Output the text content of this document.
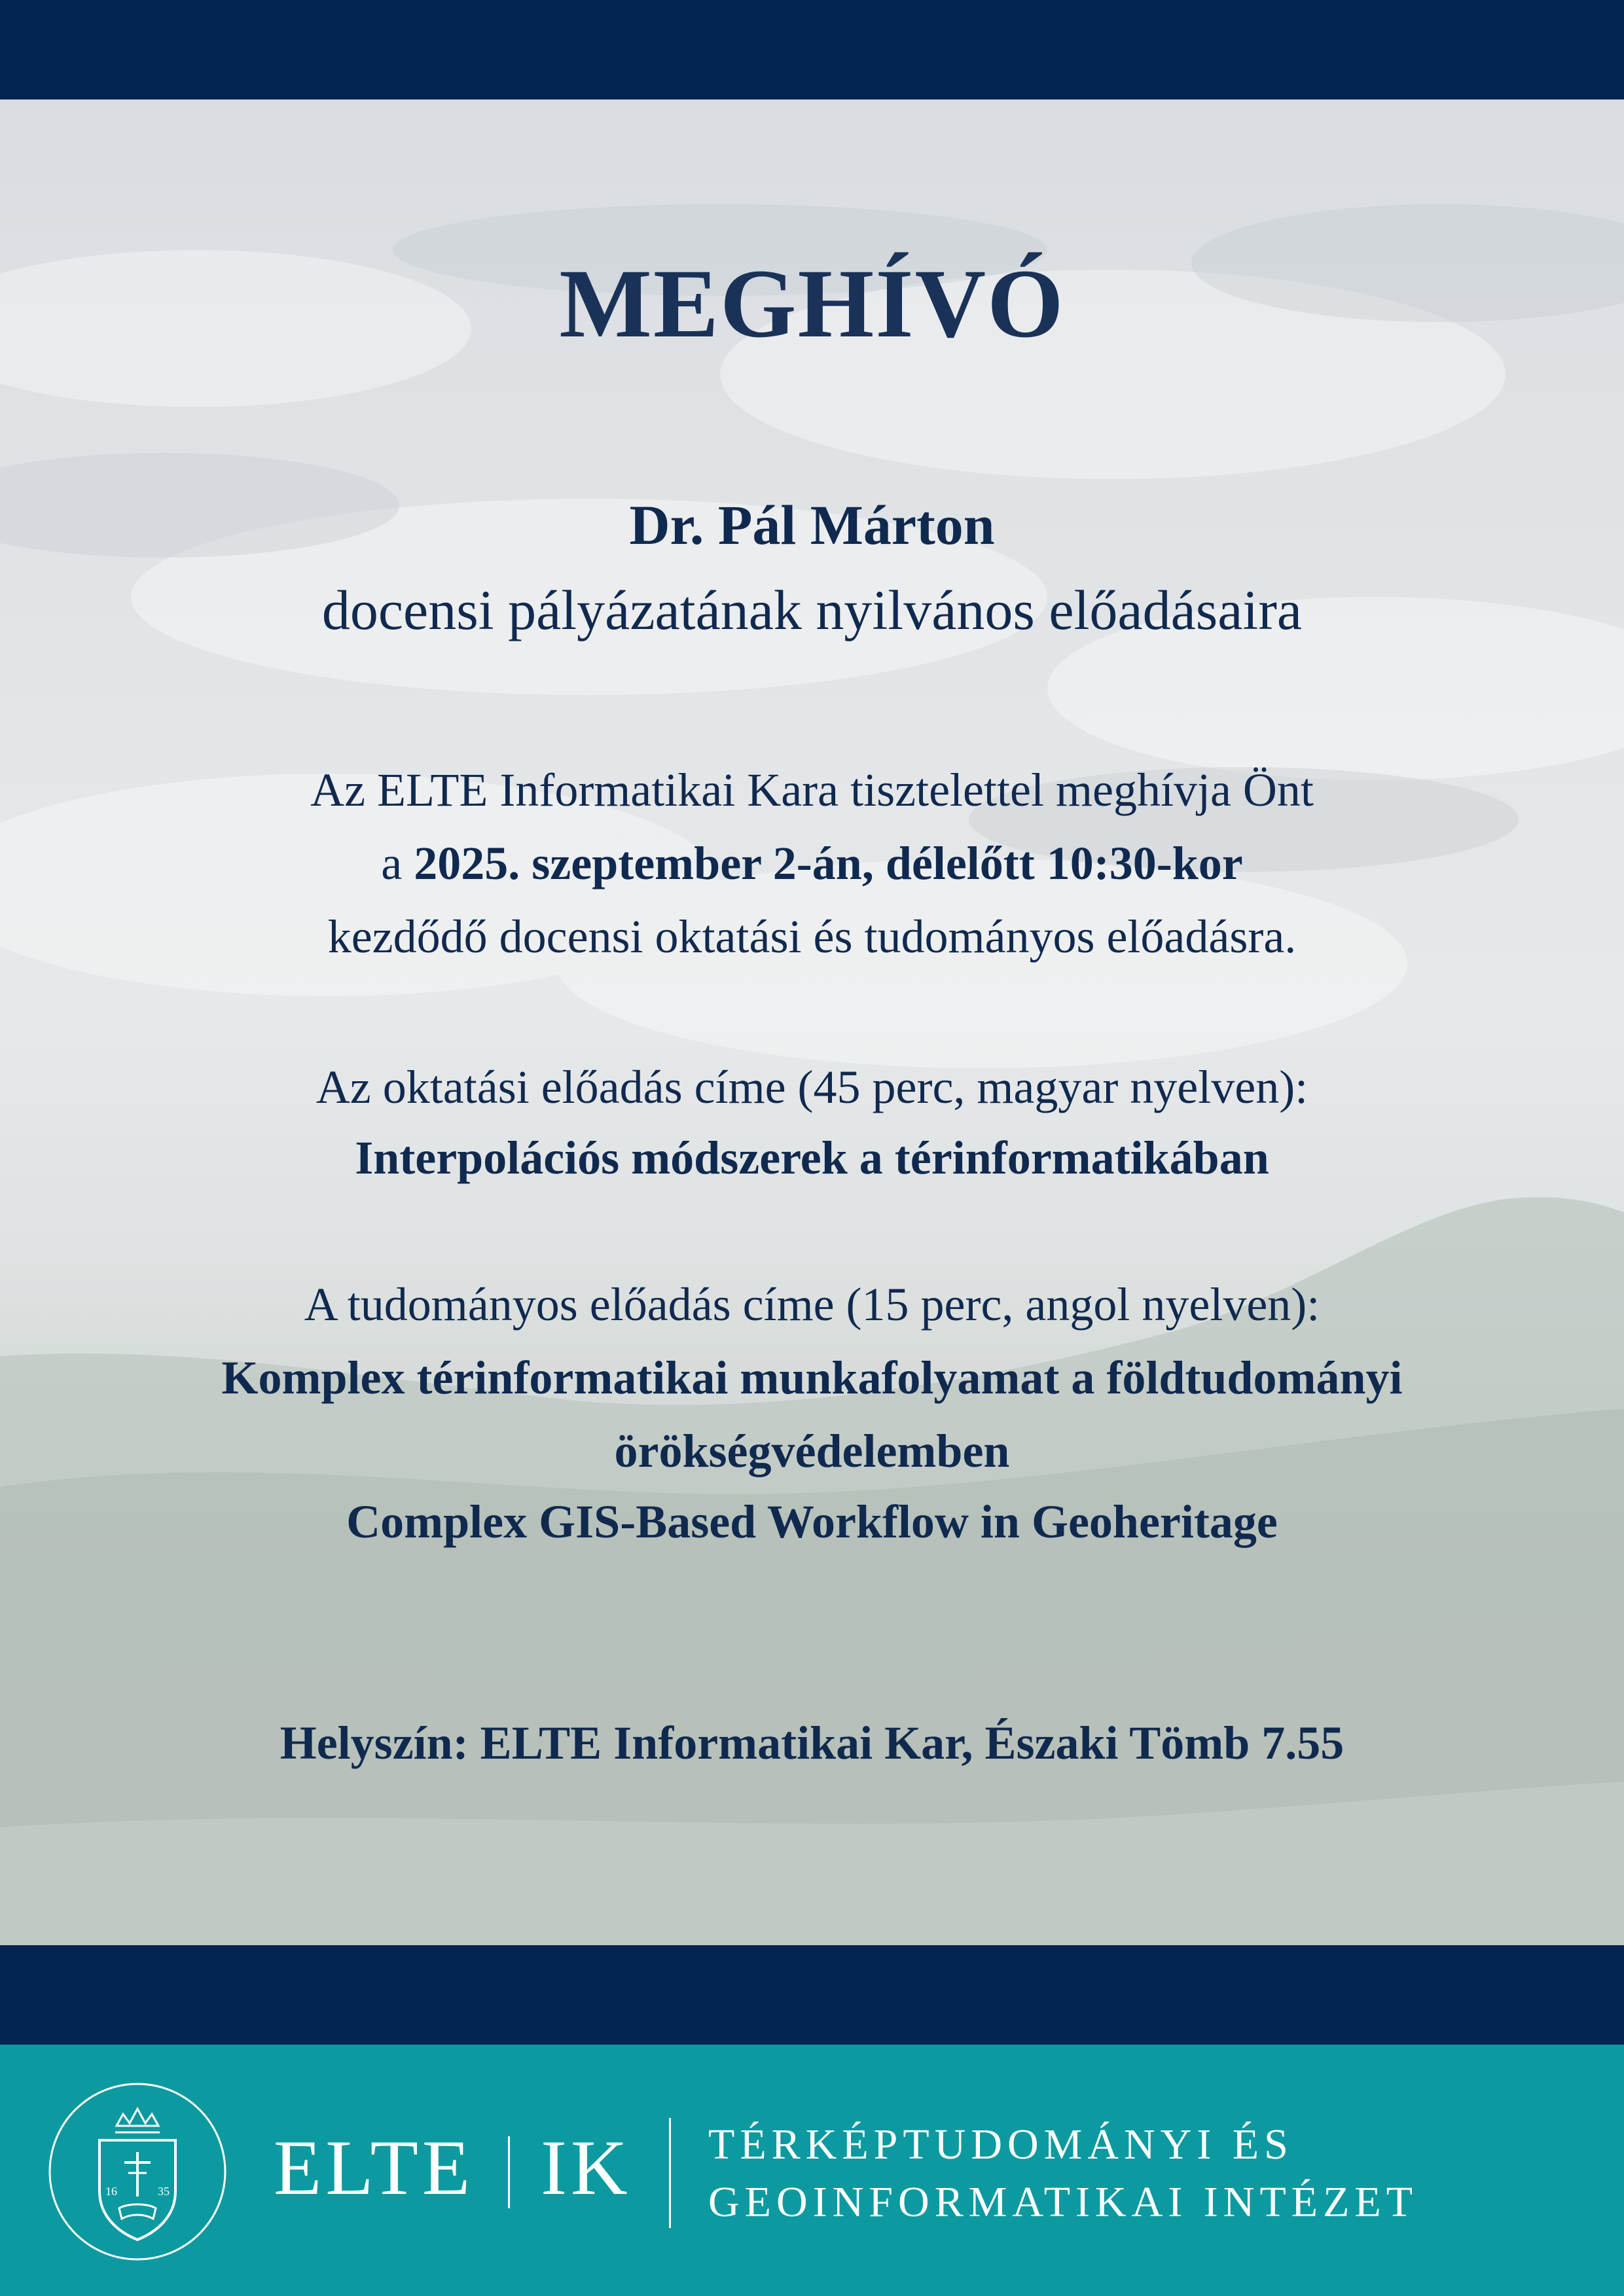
MEGHÍVÓ
Dr. Pál Márton
docensi pályázatának nyilvános előadásaira
Az ELTE Informatikai Kara tisztelettel meghívja Önt
a 2025. szeptember 2-án, délelőtt 10:30-kor
kezdődő docensi oktatási és tudományos előadásra.
Az oktatási előadás címe (45 perc, magyar nyelven):
Interpolációs módszerek a térinformatikában
A tudományos előadás címe (15 perc, angol nyelven):
Komplex térinformatikai munkafolyamat a földtudományi
örökségvédelemben
Complex GIS-Based Workflow in Geoheritage
Helyszín: ELTE Informatikai Kar, Északi Tömb 7.55
16	35 ELTE IK TÉRKÉPTUDOMÁNYI ÉS
GEOINFORMATIKAI INTÉZET
